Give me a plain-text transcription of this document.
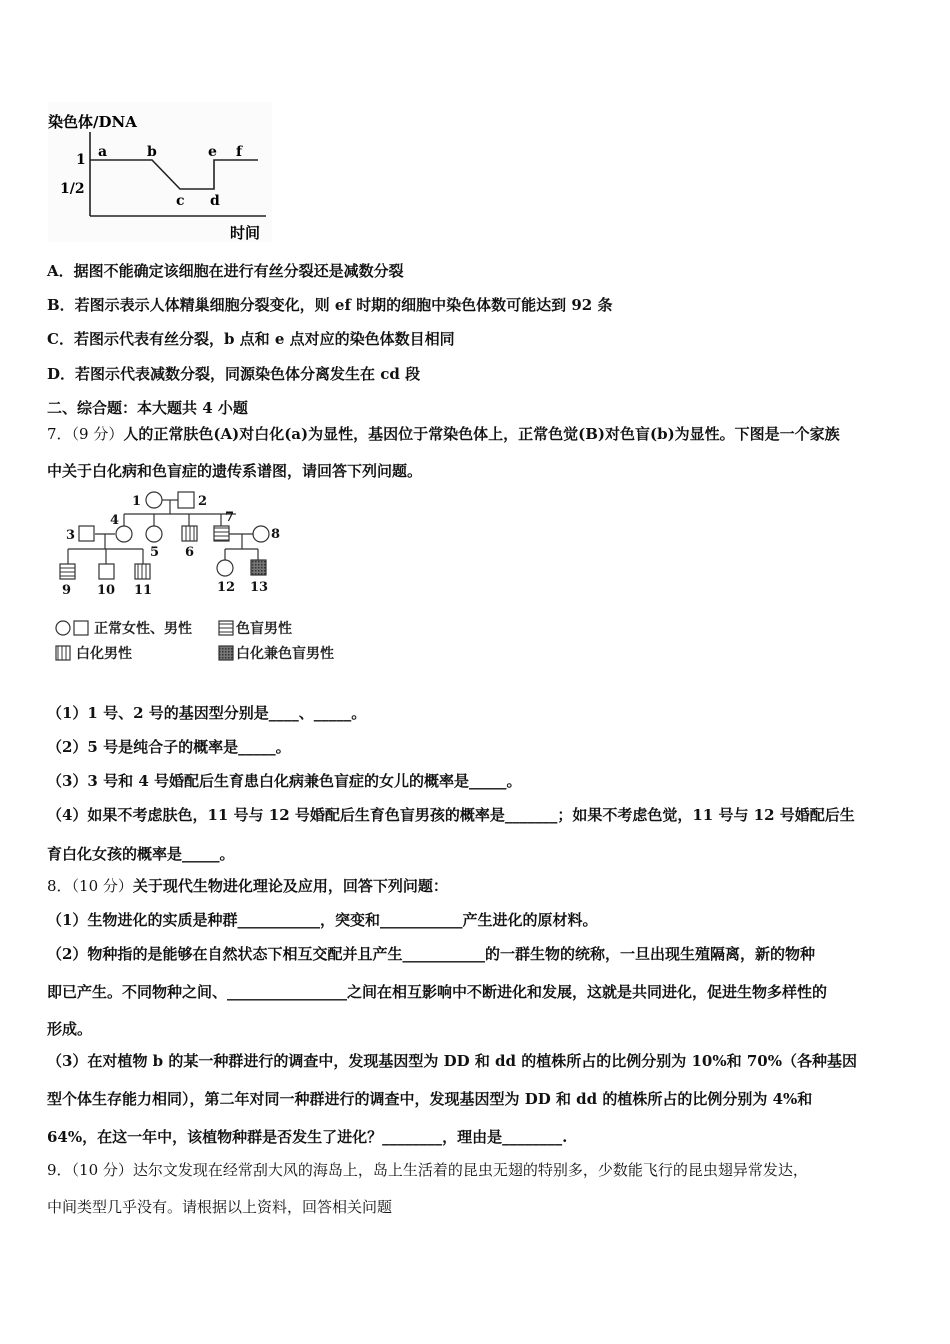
染色体/DNA
1
1/2
a	b
c d
e f
时间
A．据图不能确定该细胞在进行有丝分裂还是减数分裂
B．若图示表示人体精巢细胞分裂变化，则 ef 时期的细胞中染色体数可能达到 92 条
C．若图示代表有丝分裂，b 点和 e 点对应的染色体数目相同
D．若图示代表减数分裂，同源染色体分离发生在 cd 段
二、综合题：本大题共 4 小题
7．（9 分）人的正常肤色(A)对白化(a)为显性，基因位于常染色体上，正常色觉(B)对色盲(b)为显性。下图是一个家族
中关于白化病和色盲症的遗传系谱图，请回答下列问题。
1	2
3
4
5 6
7
8
9 10 11	12 13
正常女性、男性	色盲男性
白化男性	白化兼色盲男性
（1）1 号、2 号的基因型分别是____、_____。
（2）5 号是纯合子的概率是_____。
（3）3 号和 4 号婚配后生育患白化病兼色盲症的女儿的概率是_____。
（4）如果不考虑肤色，11 号与 12 号婚配后生育色盲男孩的概率是_______；如果不考虑色觉，11 号与 12 号婚配后生
育白化女孩的概率是_____。
8．（10 分）关于现代生物进化理论及应用，回答下列问题：
（1）生物进化的实质是种群___________，突变和___________产生进化的原材料。
（2）物种指的是能够在自然状态下相互交配并且产生___________的一群生物的统称，一旦出现生殖隔离，新的物种
即已产生。不同物种之间、________________之间在相互影响中不断进化和发展，这就是共同进化，促进生物多样性的
形成。
（3）在对植物 b 的某一种群进行的调查中，发现基因型为 DD 和 dd 的植株所占的比例分别为 10%和 70%（各种基因
型个体生存能力相同），第二年对同一种群进行的调查中，发现基因型为 DD 和 dd 的植株所占的比例分别为 4%和
64%，在这一年中，该植物种群是否发生了进化？________，理由是________.
9．（10 分）达尔文发现在经常刮大风的海岛上，岛上生活着的昆虫无翅的特别多，少数能飞行的昆虫翅异常发达，
中间类型几乎没有。请根据以上资料，回答相关问题
